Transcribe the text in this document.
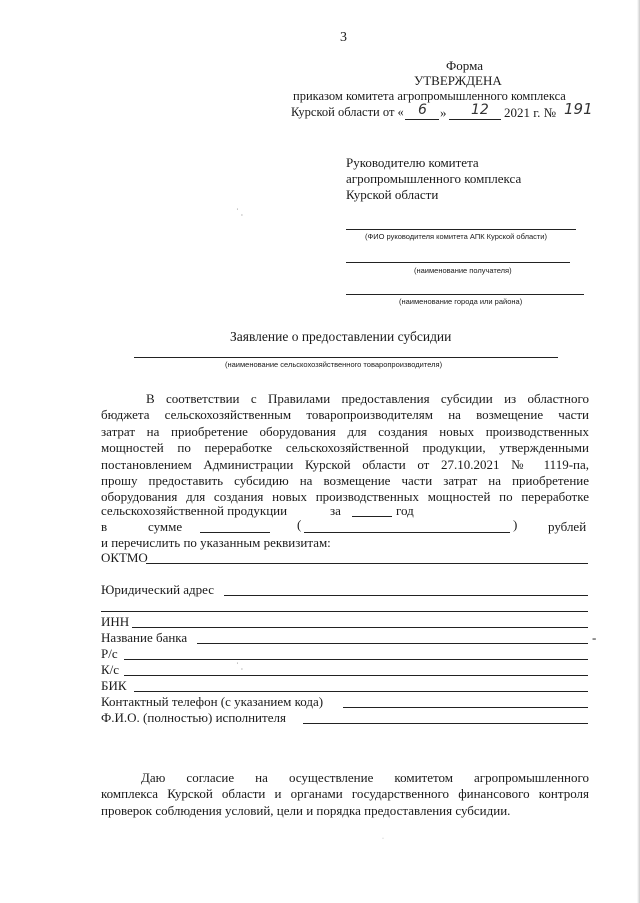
3
Форма
УТВЕРЖДЕНА
приказом комитета агропромышленного комплекса
Курской области от « 6 » 12 2021 г. № 191
Руководителю комитета
агропромышленного комплекса
Курской области
˙ ⸒
(ФИО руководителя комитета АПК Курской области)
(наименование получателя)
(наименование города или района)
Заявление о предоставлении субсидии
(наименование сельскохозяйственного товаропроизводителя)
В соответствии с Правилами предоставления субсидии из областного
бюджета сельскохозяйственным товаропроизводителям на возмещение части
затрат на приобретение оборудования для создания новых производственных
мощностей по переработке сельскохозяйственной продукции, утвержденными
постановлением Администрации Курской области от 27.10.2021 № 1119-па,
прошу предоставить субсидию на возмещение части затрат на приобретение
оборудования для создания новых производственных мощностей по переработке
сельскохозяйственной продукции	за	год
в	сумме	(	) рублей
и перечислить по указанным реквизитам:
ОКТМО
Юридический адрес
ИНН
Название банка	-
Р/с
К/с	˙ ⸒
БИК
Контактный телефон (с указанием кода)
Ф.И.О. (полностью) исполнителя
Даю согласие на осуществление комитетом агропромышленного
комплекса Курской области и органами государственного финансового контроля
проверок соблюдения условий, цели и порядка предоставления субсидии.
·
